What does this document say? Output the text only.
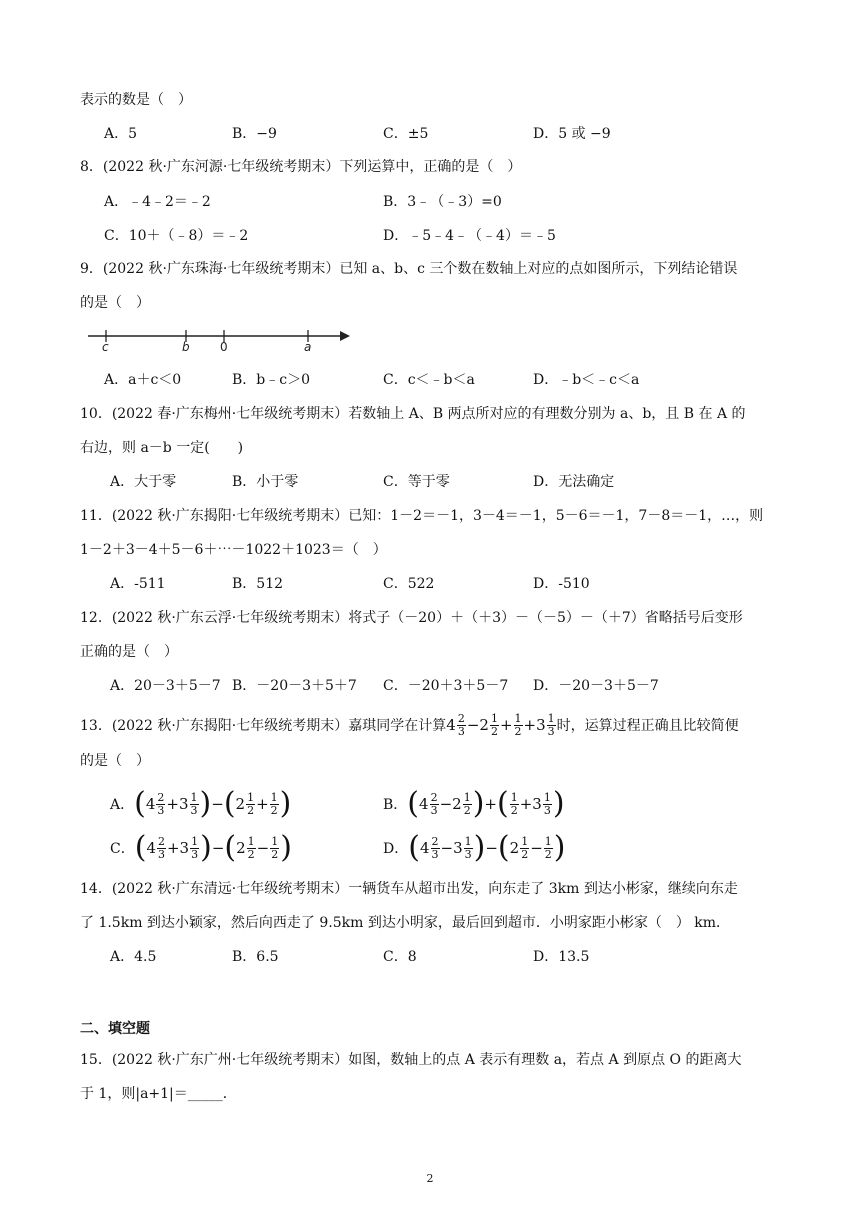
表示的数是（　）
A．5	B．−9	C．±5	D．5 或 −9
8．(2022 秋·广东河源·七年级统考期末）下列运算中，正确的是（　）
A．﹣4﹣2＝﹣2	B．3﹣（﹣3）=0
C．10＋（﹣8）＝﹣2	D．﹣5﹣4﹣（﹣4）＝﹣5
9．(2022 秋·广东珠海·七年级统考期末）已知 a、b、c 三个数在数轴上对应的点如图所示，下列结论错误
的是（　）
c	b	0	a
A．a＋c＜0	B．b﹣c＞0	C．c＜﹣b＜a	D．﹣b＜﹣c＜a
10．(2022 春·广东梅州·七年级统考期末）若数轴上 A、B 两点所对应的有理数分别为 a、b，且 B 在 A 的
右边，则 a－b 一定(　　)
A．大于零	B．小于零	C．等于零	D．无法确定
11．(2022 秋·广东揭阳·七年级统考期末）已知：1－2＝－1，3－4＝－1，5－6＝－1，7－8＝－1，…，则
1－2＋3－4＋5－6＋⋯－1022＋1023＝（　）
A．-511	B．512	C．522	D．-510
12．(2022 秋·广东云浮·七年级统考期末）将式子（－20）＋（＋3）－（－5）－（＋7）省略括号后变形
正确的是（　）
A．20－3＋5－7 B．－20－3＋5＋7 C．－20＋3＋5－7 D．－20－3＋5－7
13．(2022 秋·广东揭阳·七年级统考期末）嘉琪同学在计算 $4 \frac{2}{3} -2 \frac{1}{2} + \frac{1}{2} +3 \frac{1}{3}$ 时，运算过程正确且比较简便
的是（　）
A． ( $4 \frac{2}{3} +3 \frac{1}{3}$ ) − ( $2 \frac{1}{2} + \frac{1}{2}$ )	B． ( $4 \frac{2}{3} -2 \frac{1}{2}$ ) + ( $\frac{1}{2} +3 \frac{1}{3}$ )
C． ( $4 \frac{2}{3} +3 \frac{1}{3}$ ) − ( $2 \frac{1}{2} - \frac{1}{2}$ )	D． ( $4 \frac{2}{3} -3 \frac{1}{3}$ ) − ( $2 \frac{1}{2} - \frac{1}{2}$ )
14．(2022 秋·广东清远·七年级统考期末）一辆货车从超市出发，向东走了 3km 到达小彬家，继续向东走
了 1.5km 到达小颖家，然后向西走了 9.5km 到达小明家，最后回到超市．小明家距小彬家（　） km．
A．4.5	B．6.5	C．8	D．13.5
二、填空题
15．(2022 秋·广东广州·七年级统考期末）如图，数轴上的点 A 表示有理数 a，若点 A 到原点 O 的距离大
于 1，则|a+1|＝_____．
2
